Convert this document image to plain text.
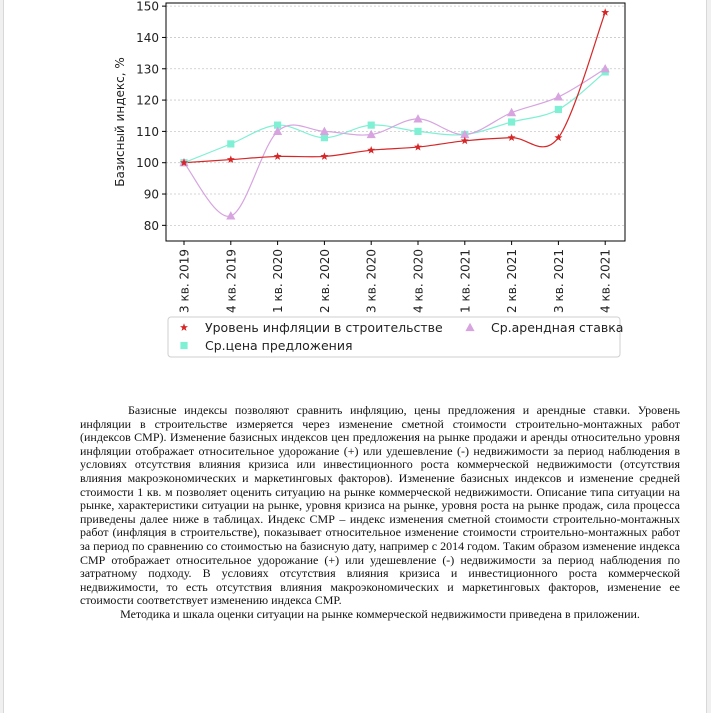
80
90
100
110
120
130
140
150
3 кв. 2019	4 кв. 2019	1 кв. 2020	2 кв. 2020	3 кв. 2020	4 кв. 2020	1 кв. 2021	2 кв. 2021	3 кв. 2021	4 кв. 2021
Базисный индекс, %
Уровень инфляции в строительстве	Ср.арендная ставка
Ср.цена предложения

Базисные индексы позволяют сравнить инфляцию, цены предложения и арендные ставки. Уровень инфляции в строительстве измеряется через изменение сметной стоимости строительно-монтажных работ (индексов СМР). Изменение базисных индексов цен предложения на рынке продажи и аренды относительно уровня инфляции отображает относительное удорожание (+) или удешевление (-) недвижимости за период наблюдения в условиях отсутствия влияния кризиса или инвестиционного роста коммерческой недвижимости (отсутствия влияния макроэкономических и маркетинговых факторов). Изменение базисных индексов и изменение средней стоимости 1 кв. м позволяет оценить ситуацию на рынке коммерческой недвижимости. Описание типа ситуации на рынке, характеристики ситуации на рынке, уровня кризиса на рынке, уровня роста на рынке продаж, сила процесса приведены далее ниже в таблицах. Индекс СМР – индекс изменения сметной стоимости строительно-монтажных работ (инфляция в строительстве), показывает относительное изменение стоимости строительно-монтажных работ за период по сравнению со стоимостью на базисную дату, например с 2014 годом. Таким образом изменение индекса СМР отображает относительное удорожание (+) или удешевление (-) недвижимости за период наблюдения по затратному подходу. В условиях отсутствия влияния кризиса и инвестиционного роста коммерческой недвижимости, то есть отсутствия влияния макроэкономических и маркетинговых факторов, изменение ее стоимости соответствует изменению индекса СМР.

Методика и шкала оценки ситуации на рынке коммерческой недвижимости приведена в приложении.
